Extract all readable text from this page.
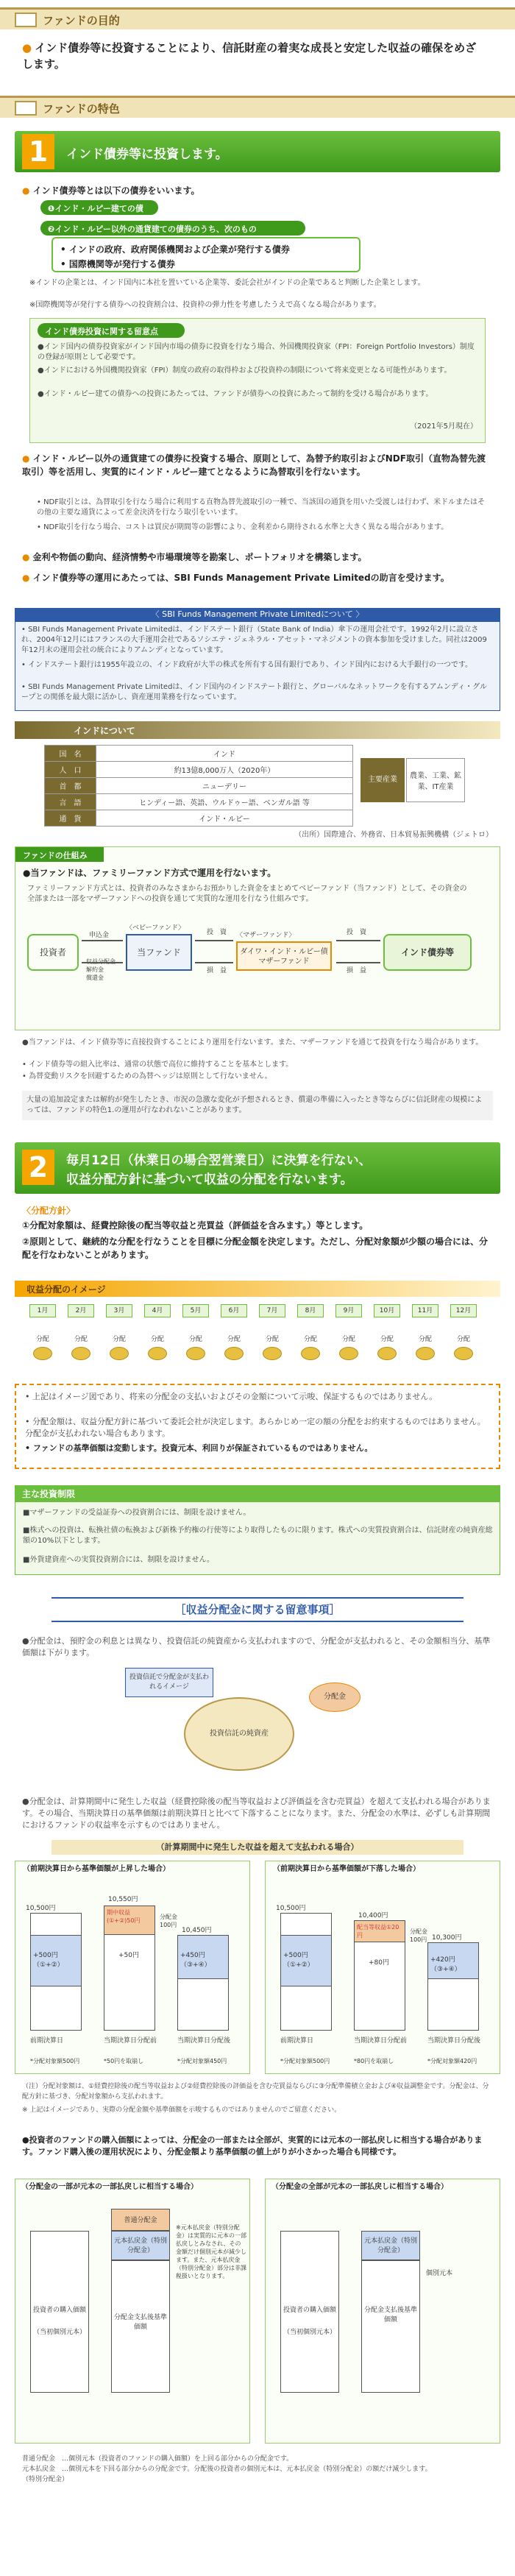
ファンドの目的
● インド債券等に投資することにより、信託財産の着実な成長と安定した収益の確保をめざします。
ファンドの特色
1	インド債券等に投資します。
● インド債券等とは以下の債券をいいます。
❶インド・ルピー建ての債
❷インド・ルピー以外の通貨建ての債券のうち、次のもの
• インドの政府、政府関係機関および企業が発行する債券
• 国際機関等が発行する債券
※インドの企業とは、インド国内に本社を置いている企業等、委託会社がインドの企業であると判断した企業とします。
※国際機関等が発行する債券への投資割合は、投資枠の弾力性を考慮したうえで高くなる場合があります。
インド債券投資に関する留意点
●インド国内の債券投資家がインド国内市場の債券に投資を行なう場合、外国機関投資家（FPI：Foreign Portfolio Investors）制度の登録が原則として必要です。
●インドにおける外国機関投資家（FPI）制度の政府の取得枠および投資枠の制限について将来変更となる可能性があります。
●インド・ルピー建ての債券への投資にあたっては、ファンドが債券への投資にあたって制約を受ける場合があります。
（2021年5月現在）
● インド・ルピー以外の通貨建ての債券に投資する場合、原則として、為替予約取引およびNDF取引（直物為替先渡取引）等を活用し、実質的にインド・ルピー建てとなるように為替取引を行ないます。
• NDF取引とは、為替取引を行なう場合に利用する直物為替先渡取引の一種で、当該国の通貨を用いた受渡しは行わず、米ドルまたはその他の主要な通貨によって差金決済を行なう取引をいいます。
• NDF取引を行なう場合、コストは買戻が期間等の影響により、金利差から期待される水準と大きく異なる場合があります。
● 金利や物価の動向、経済情勢や市場環境等を勘案し、ポートフォリオを構築します。
● インド債券等の運用にあたっては、SBI Funds Management Private Limitedの助言を受けます。
〈 SBI Funds Management Private Limitedについて 〉
• SBI Funds Management Private Limitedは、インドステート銀行（State Bank of India）傘下の運用会社です。1992年2月に設立され、2004年12月にはフランスの大手運用会社であるソシエテ・ジェネラル・アセット・マネジメントの資本参加を受けました。同社は2009年12月末の運用会社の統合によりアムンディとなっています。
• インドステート銀行は1955年設立の、インド政府が大半の株式を所有する国有銀行であり、インド国内における大手銀行の一つです。
• SBI Funds Management Private Limitedは、インド国内のインドステート銀行と、グローバルなネットワークを有するアムンディ・グループとの関係を最大限に活かし、資産運用業務を行なっています。
インドについて
国　名	インド
人　口	約13億8,000万人（2020年）
首　都	ニューデリー
言　語	ヒンディー語、英語、ウルドゥー語、ベンガル語 等
通　貨	インド・ルピー
主要産業	農業、工業、鉱業、IT産業
（出所）国際連合、外務省、日本貿易振興機構（ジェトロ）
ファンドの仕組み
●当ファンドは、ファミリーファンド方式で運用を行ないます。
ファミリーファンド方式とは、投資者のみなさまからお預かりした資金をまとめてベビーファンド（当ファンド）として、その資金の全部または一部をマザーファンドへの投資を通じて実質的な運用を行なう仕組みです。
投資者
申込金

解約金
償還金
〈ベビーファンド〉
当ファンド
投　資
損　益
〈マザーファンド〉
ダイワ・インド・ルピー債
マザーファンド
投　資
損　益
インド債券等
●当ファンドは、インド債券等に直接投資することにより運用を行ないます。また、マザーファンドを通じて投資を行なう場合があります。
• インド債券等の組入比率は、通常の状態で高位に維持することを基本とします。
• 為替変動リスクを回避するための為替ヘッジは原則として行ないません。
大量の追加設定または解約が発生したとき、市況の急激な変化が予想されるとき、償還の準備に入ったとき等ならびに信託財産の規模によっては、ファンドの特色1.の運用が行なわれないことがあります。
2	毎月12日（休業日の場合翌営業日）に決算を行ない、
収益分配方針に基づいて収益の分配を行ないます。
〈分配方針〉
①分配対象額は、経費控除後の配当等収益と売買益（評価益を含みます。）等とします。
②原則として、継続的な分配を行なうことを目標に分配金額を決定します。ただし、分配対象額が少額の場合には、分配を行なわないことがあります。
収益分配のイメージ
1月
分配
2月
分配
3月
分配
4月
分配
5月
分配
6月
分配
7月
分配
8月
分配
9月
分配
10月
分配
11月
分配
12月
分配
• 上記はイメージ図であり、将来の分配金の支払いおよびその金額について示唆、保証するものではありません。
• 分配金額は、収益分配方針に基づいて委託会社が決定します。あらかじめ一定の額の分配をお約束するものではありません。分配金が支払われない場合もあります。
• ファンドの基準価額は変動します。投資元本、利回りが保証されているものではありません。
主な投資制限
■マザーファンドの受益証券への投資割合には、制限を設けません。
■株式への投資は、転換社債の転換および新株予約権の行使等により取得したものに限ります。株式への実質投資割合は、信託財産の純資産総額の10%以下とします。
■外貨建資産への実質投資割合には、制限を設けません。
［収益分配金に関する留意事項］
●分配金は、預貯金の利息とは異なり、投資信託の純資産から支払われますので、分配金が支払われると、その金額相当分、基準価額は下がります。
投資信託で分配金が支払われるイメージ
投資信託の純資産
分配金
●分配金は、計算期間中に発生した収益（経費控除後の配当等収益および評価益を含む売買益）を超えて支払われる場合があります。その場合、当期決算日の基準価額は前期決算日と比べて下落することになります。また、分配金の水準は、必ずしも計算期間におけるファンドの収益率を示すものではありません。
（計算期間中に発生した収益を超えて支払われる場合）
（前期決算日から基準価額が上昇した場合）
10,500円
10,550円
10,450円
+500円（①+②）
+50円	+450円（③+④）
期中収益(①+②)50円
分配金100円
前期決算日	当期決算日分配前	当期決算日分配後
*分配対象額500円	*50円を取崩し	*分配対象額450円
（前期決算日から基準価額が下落した場合）
10,500円
10,400円
10,300円
+500円（①+②）
+420円（③+④）
配当等収益①20円
+80円
分配金100円
前期決算日	当期決算日分配前	当期決算日分配後
*分配対象額500円	*80円を取崩し	*分配対象額420円
（注）分配対象額は、①経費控除後の配当等収益および②経費控除後の評価益を含む売買益ならびに③分配準備積立金および④収益調整金です。分配金は、分配方針に基づき、分配対象額から支払われます。
※ 上記はイメージであり、実際の分配金額や基準価額を示唆するものではありませんのでご留意ください。
●投資者のファンドの購入価額によっては、分配金の一部または全部が、実質的には元本の一部払戻しに相当する場合があります。ファンド購入後の運用状況により、分配金額より基準価額の値上がりが小さかった場合も同様です。
（分配金の一部が元本の一部払戻しに相当する場合）
普通分配金
元本払戻金（特別分配金）
分配金支払後基準価額
投資者の購入価額
（当初個別元本）
※元本払戻金（特別分配金）は実質的に元本の一部払戻しとみなされ、その金額だけ個別元本が減少します。また、元本払戻金（特別分配金）部分は非課税扱いとなります。
（分配金の全部が元本の一部払戻しに相当する場合）
元本払戻金（特別分配金）
分配金支払後基準価額
個別元本
投資者の購入価額
（当初個別元本）
普通分配金　…個別元本（投資者のファンドの購入価額）を上回る部分からの分配金です。
元本払戻金　…個別元本を下回る部分からの分配金です。分配後の投資者の個別元本は、元本払戻金（特別分配金）の額だけ減少します。
（特別分配金）
